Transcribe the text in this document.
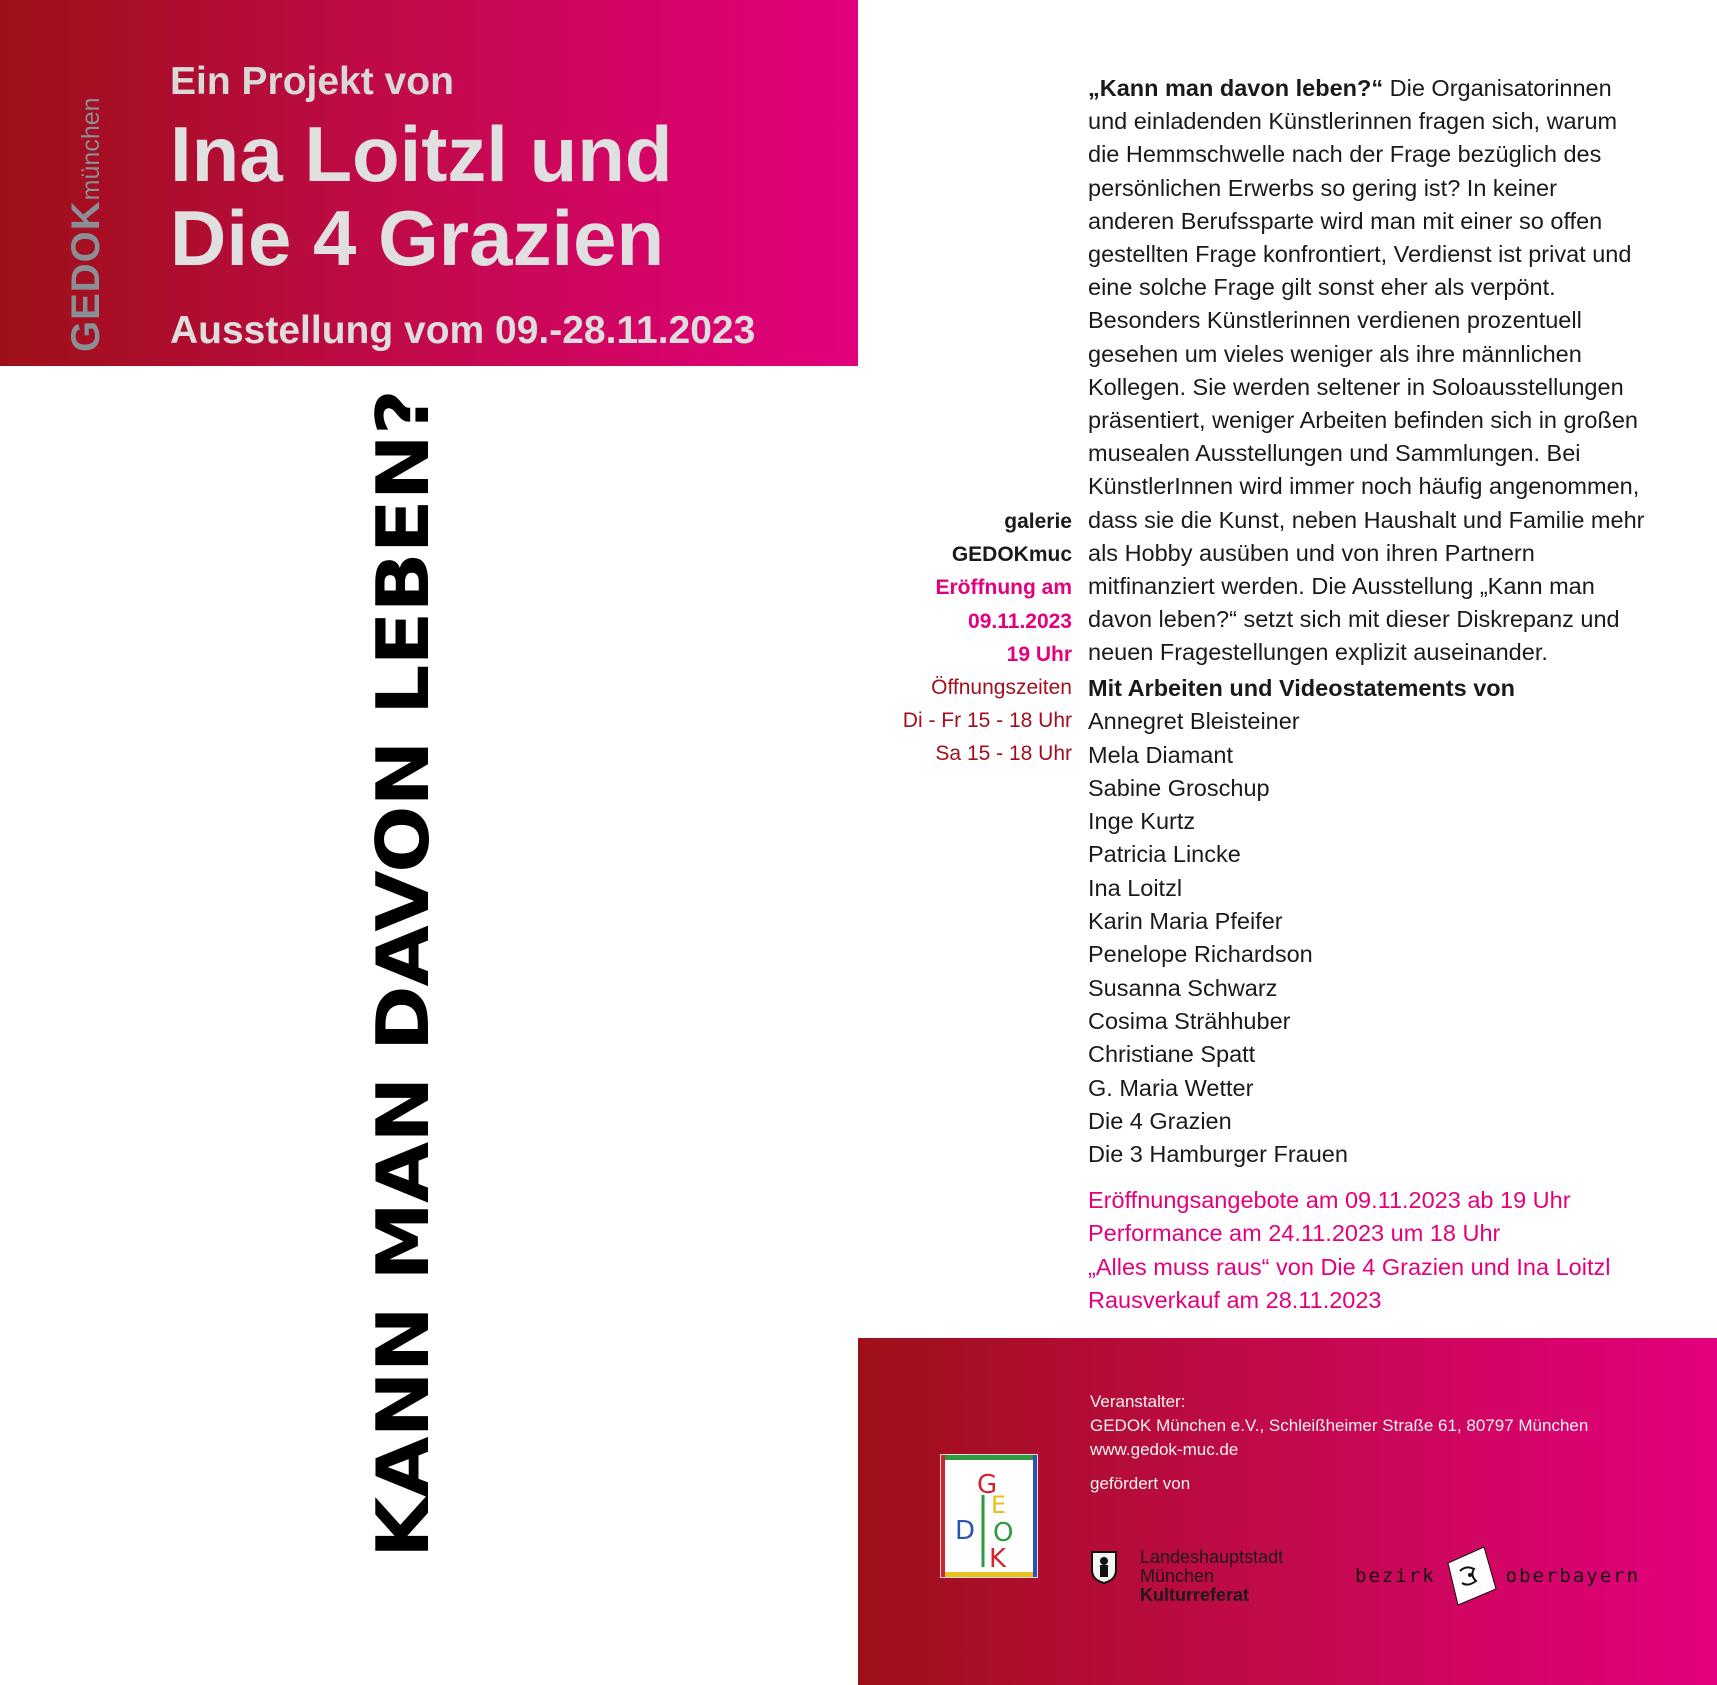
GEDOKmünchen
Ein Projekt von
Ina Loitzl und
Die 4 Grazien
Ausstellung vom 09.-28.11.2023
KANN MAN DAVON LEBEN?
„Kann man davon leben?“ Die Organisatorinnen und einladenden Künstlerinnen fragen sich, warum die Hemmschwelle nach der Frage bezüglich des persönlichen Erwerbs so gering ist? In keiner anderen Berufssparte wird man mit einer so offen gestellten Frage konfrontiert, Verdienst ist privat und eine solche Frage gilt sonst eher als verpönt. Besonders Künstlerinnen verdienen prozentuell gesehen um vieles weniger als ihre männlichen Kollegen. Sie werden seltener in Soloausstellungen präsentiert, weniger Arbeiten befinden sich in großen musealen Ausstellungen und Sammlungen. Bei KünstlerInnen wird immer noch häufig angenommen, dass sie die Kunst, neben Haushalt und Familie mehr als Hobby ausüben und von ihren Partnern mitfinanziert werden. Die Ausstellung „Kann man davon leben?“ setzt sich mit dieser Diskrepanz und neuen Fragestellungen explizit auseinander.
galerie
GEDOKmuc
Eröffnung am
09.11.2023
19 Uhr
Öffnungszeiten
Di - Fr 15 - 18 Uhr
Sa 15 - 18 Uhr
Mit Arbeiten und Videostatements von
Annegret Bleisteiner
Mela Diamant
Sabine Groschup
Inge Kurtz
Patricia Lincke
Ina Loitzl
Karin Maria Pfeifer
Penelope Richardson
Susanna Schwarz
Cosima Strähhuber
Christiane Spatt
G. Maria Wetter
Die 4 Grazien
Die 3 Hamburger Frauen
Eröffnungsangebote am 09.11.2023 ab 19 Uhr
Performance am 24.11.2023 um 18 Uhr
„Alles muss raus“ von Die 4 Grazien und Ina Loitzl
Rausverkauf am 28.11.2023
Veranstalter:
GEDOK München e.V., Schleißheimer Straße 61, 80797 München
www.gedok-muc.de
gefördert von
G
E
D O
K	Landeshauptstadt
München
Kulturreferat
bezirk	oberbayern
